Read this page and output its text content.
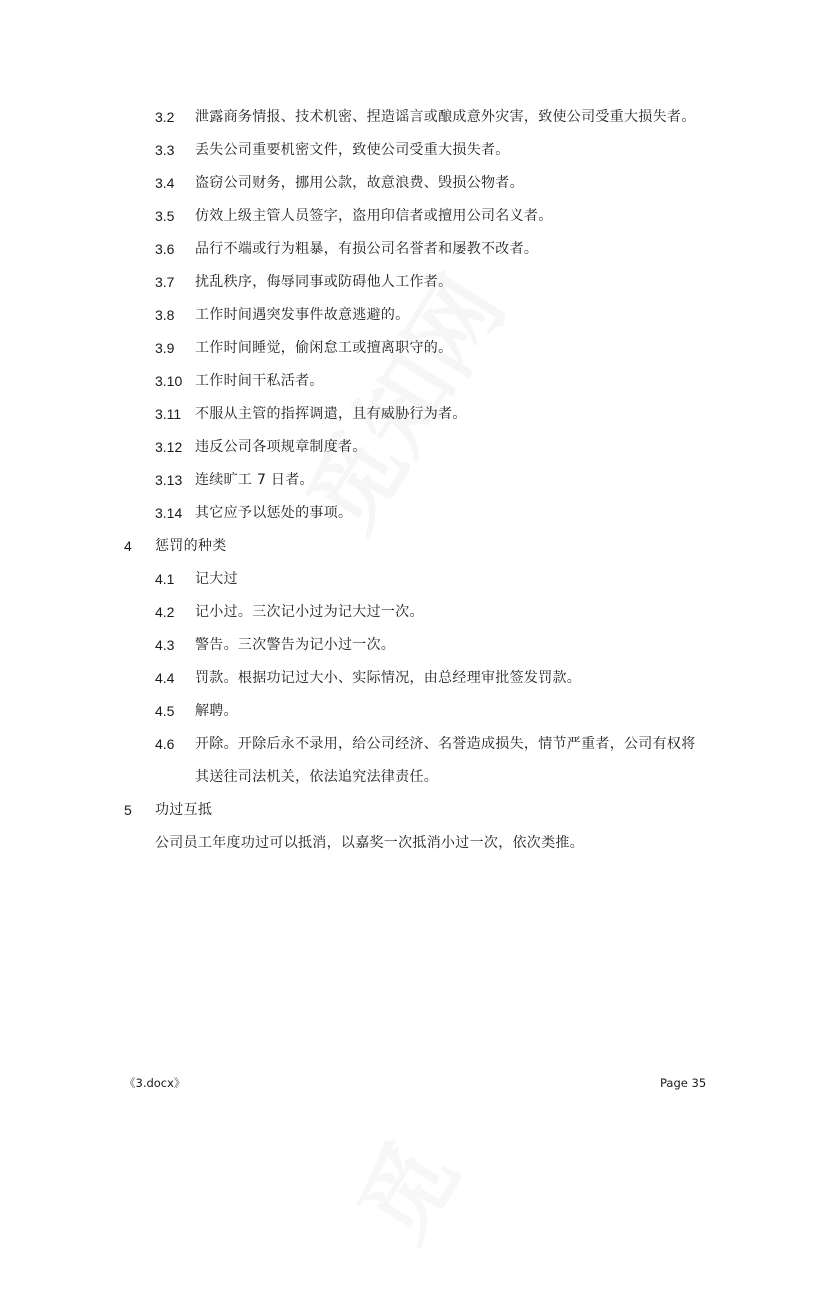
3.2 泄露商务情报、技术机密、捏造谣言或酿成意外灾害，致使公司受重大损失者。
3.3 丢失公司重要机密文件，致使公司受重大损失者。
3.4 盗窃公司财务，挪用公款，故意浪费、毁损公物者。
3.5 仿效上级主管人员签字，盗用印信者或擅用公司名义者。
3.6 品行不端或行为粗暴，有损公司名誉者和屡教不改者。
3.7 扰乱秩序，侮辱同事或防碍他人工作者。
3.8 工作时间遇突发事件故意逃避的。
3.9 工作时间睡觉，偷闲怠工或擅离职守的。
3.10 工作时间干私活者。
3.11 不服从主管的指挥调遣，且有威胁行为者。
3.12 违反公司各项规章制度者。
3.13 连续旷工 7 日者。
3.14 其它应予以惩处的事项。
4 惩罚的种类
4.1 记大过
4.2 记小过。三次记小过为记大过一次。
4.3 警告。三次警告为记小过一次。
4.4 罚款。根据功记过大小、实际情况，由总经理审批签发罚款。
4.5 解聘。
4.6 开除。开除后永不录用，给公司经济、名誉造成损失，情节严重者，公司有权将
其送往司法机关，依法追究法律责任。
5 功过互抵
公司员工年度功过可以抵消，以嘉奖一次抵消小过一次，依次类推。
《3.docx》	Page 35
